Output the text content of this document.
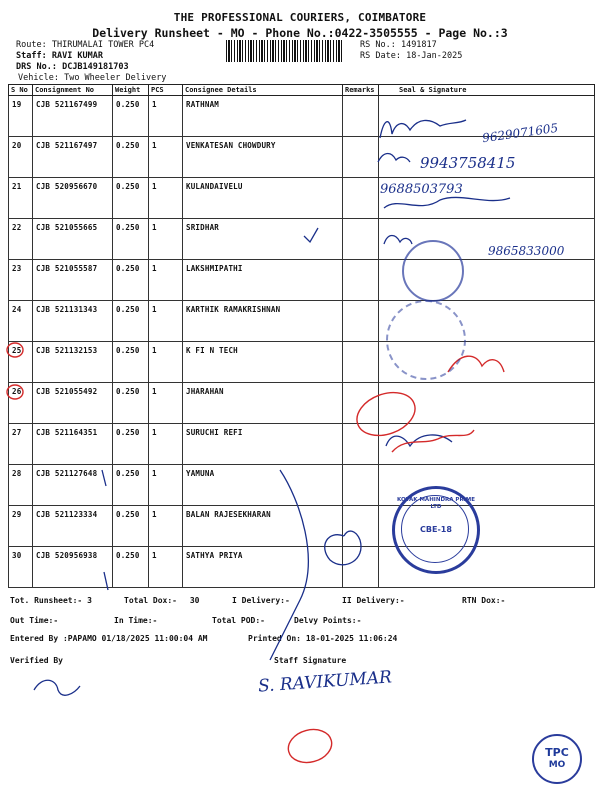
THE PROFESSIONAL COURIERS, COIMBATORE
Delivery Runsheet - MO - Phone No.:0422-3505555 - Page No.:3
Route: THIRUMALAI TOWER PC4
Staff: RAVI KUMAR
DRS No.: DCJB149181703
Vehicle: Two Wheeler Delivery
RS No.: 1491817
RS Date: 18-Jan-2025
S No	Consignment No	Weight	PCS	Consignee Details	Remarks	Seal & Signature
19	CJB 521167499	0.250	1	RATHNAM		
20	CJB 521167497	0.250	1	VENKATESAN CHOWDURY		
21	CJB 520956670	0.250	1	KULANDAIVELU		
22	CJB 521055665	0.250	1	SRIDHAR		
23	CJB 521055587	0.250	1	LAKSHMIPATHI		
24	CJB 521131343	0.250	1	KARTHIK RAMAKRISHNAN		
25	CJB 521132153	0.250	1	K FI N TECH		
26	CJB 521055492	0.250	1	JHARAHAN		
27	CJB 521164351	0.250	1	SURUCHI REFI		
28	CJB 521127648	0.250	1	YAMUNA		
29	CJB 521123334	0.250	1	BALAN RAJESEKHARAN		
30	CJB 520956938	0.250	1	SATHYA PRIYA		
Tot. Runsheet:- 3	Total Dox:- 30	I Delivery:-	II Delivery:-	RTN Dox:-
Out Time:-	In Time:-	Total POD:-	Delvy Points:-
Entered By :PAPAMO 01/18/2025 11:00:04 AM	Printed On: 18-01-2025 11:06:24
Verified By	Staff Signature
9629071605
9943758415
9688503793
9865833000
S. RAVIKUMAR
KOTAK MAHINDRA PRIME LTD
CBE-18
TPC
MO
